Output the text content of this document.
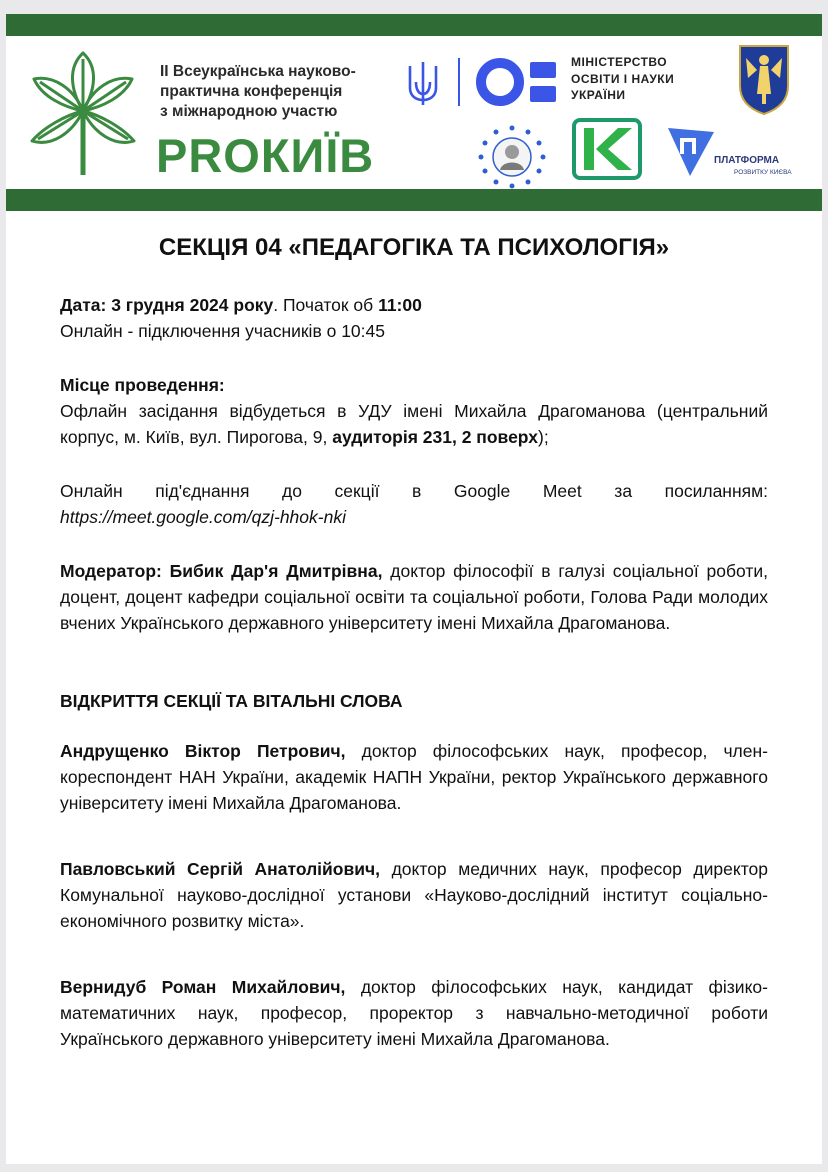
ІІ Всеукраїнська науково-
практична конференція
з міжнародною участю
PROКИЇВ
МІНІСТЕРСТВО
ОСВІТИ І НАУКИ
УКРАЇНИ
ПЛАТФОРМА
РОЗВИТКУ КИЄВА
СЕКЦІЯ 04 «ПЕДАГОГІКА ТА ПСИХОЛОГІЯ»
Дата: 3 грудня 2024 року. Початок об 11:00
Онлайн - підключення учасників о 10:45
Місце проведення:
Офлайн засідання відбудеться в УДУ імені Михайла Драгоманова (центральний корпус, м. Київ, вул. Пирогова, 9, аудиторія 231, 2 поверх);
Онлайн під'єднання до секції в Google Meet за посиланням:
https://meet.google.com/qzj-hhok-nki
Модератор: Бибик Дар'я Дмитрівна, доктор філософії в галузі соціальної роботи, доцент, доцент кафедри соціальної освіти та соціальної роботи, Голова Ради молодих вчених Українського державного університету імені Михайла Драгоманова.
ВІДКРИТТЯ СЕКЦІЇ ТА ВІТАЛЬНІ СЛОВА
Андрущенко Віктор Петрович, доктор філософських наук, професор, член-кореспондент НАН України, академік НАПН України, ректор Українського державного університету імені Михайла Драгоманова.
Павловський Сергій Анатолійович, доктор медичних наук, професор директор Комунальної науково-дослідної установи «Науково-дослідний інститут соціально-економічного розвитку міста».
Вернидуб Роман Михайлович, доктор філософських наук, кандидат фізико-математичних наук, професор, проректор з навчально-методичної роботи Українського державного університету імені Михайла Драгоманова.
